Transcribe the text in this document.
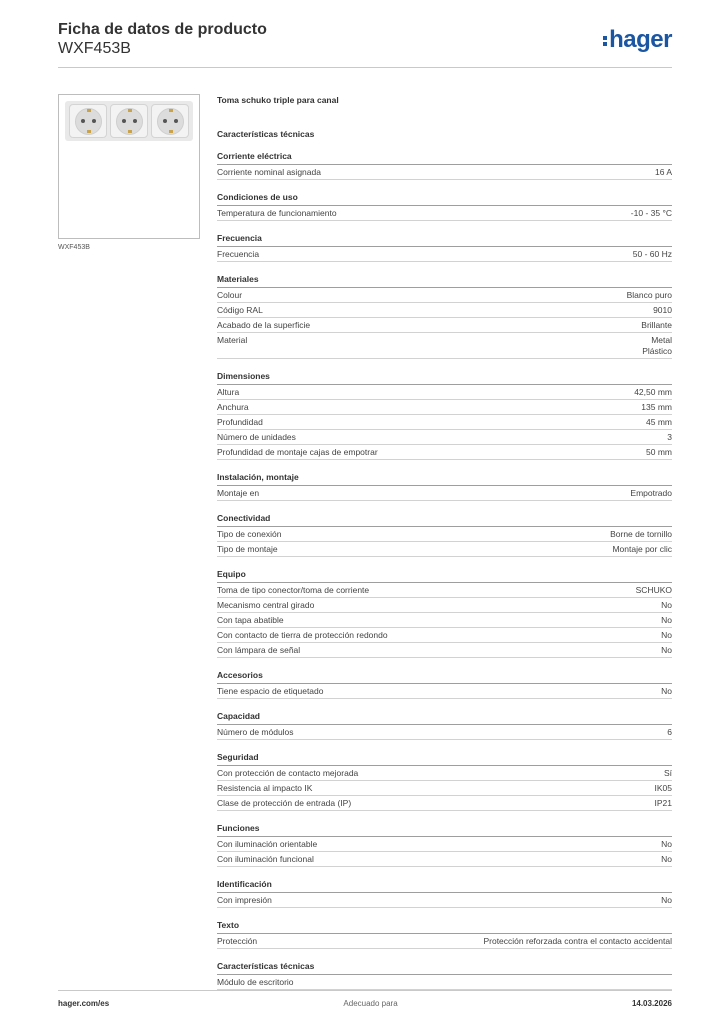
Ficha de datos de producto
WXF453B	hager
WXF453B
Toma schuko triple para canal
Características técnicas
Corriente eléctrica
Corriente nominal asignada	16 A
Condiciones de uso
Temperatura de funcionamiento	-10 - 35 °C
Frecuencia
Frecuencia	50 - 60 Hz
Materiales
Colour	Blanco puro
Código RAL	9010
Acabado de la superficie	Brillante
Material	Metal
Plástico
Dimensiones
Altura	42,50 mm
Anchura	135 mm
Profundidad	45 mm
Número de unidades	3
Profundidad de montaje cajas de empotrar	50 mm
Instalación, montaje
Montaje en	Empotrado
Conectividad
Tipo de conexión	Borne de tornillo
Tipo de montaje	Montaje por clic
Equipo
Toma de tipo conector/toma de corriente	SCHUKO
Mecanismo central girado	No
Con tapa abatible	No
Con contacto de tierra de protección redondo	No
Con lámpara de señal	No
Accesorios
Tiene espacio de etiquetado	No
Capacidad
Número de módulos	6
Seguridad
Con protección de contacto mejorada	Sí
Resistencia al impacto IK	IK05
Clase de protección de entrada (IP)	IP21
Funciones
Con iluminación orientable	No
Con iluminación funcional	No
Identificación
Con impresión	No
Texto
Protección	Protección reforzada contra el contacto accidental
Características técnicas
Módulo de escritorio
hager.com/es	Adecuado para	14.03.2026
